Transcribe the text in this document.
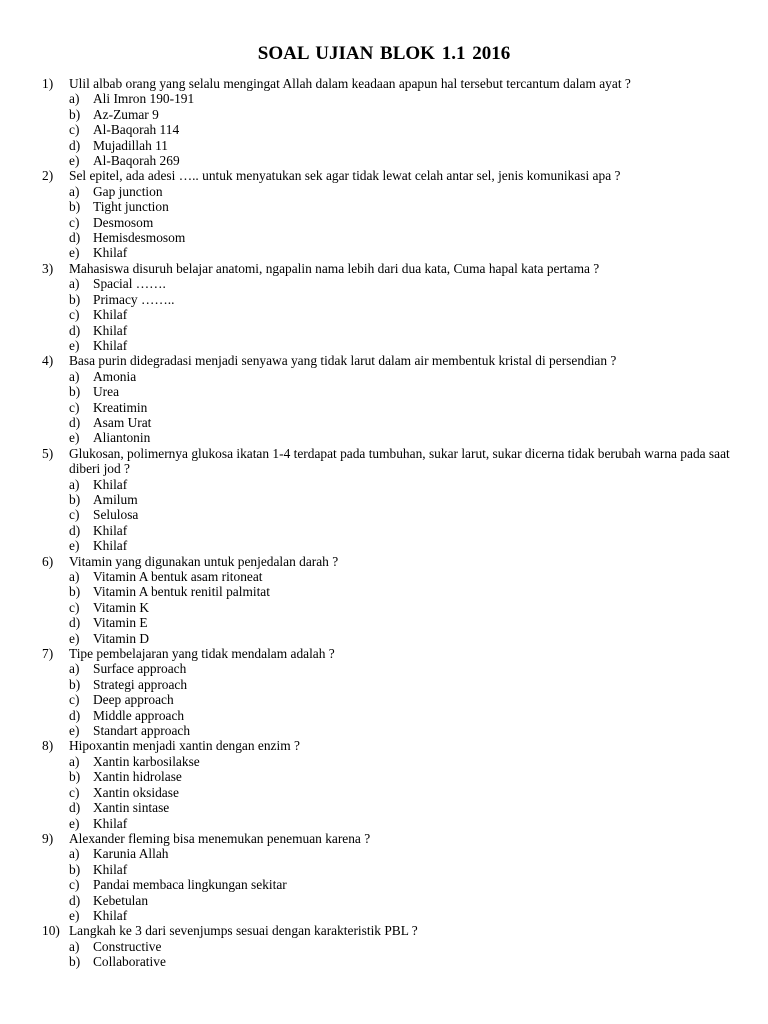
SOAL UJIAN BLOK 1.1 2016
1)	Ulil albab orang yang selalu mengingat Allah dalam keadaan apapun hal tersebut tercantum dalam ayat ?
a)	Ali Imron 190-191
b) Az-Zumar 9
c)	Al-Baqorah 114
d) Mujadillah 11
e)	Al-Baqorah 269
2)	Sel epitel, ada adesi ….. untuk menyatukan sek agar tidak lewat celah antar sel, jenis komunikasi apa ?
a)	Gap junction
b) Tight junction
c)	Desmosom
d) Hemisdesmosom
e)	Khilaf
3)	Mahasiswa disuruh belajar anatomi, ngapalin nama lebih dari dua kata, Cuma hapal kata pertama ?
a)	Spacial …….
b) Primacy ……..
c)	Khilaf
d) Khilaf
e)	Khilaf
4)	Basa purin didegradasi menjadi senyawa yang tidak larut dalam air membentuk kristal di persendian ?
a)	Amonia
b) Urea
c)	Kreatimin
d) Asam Urat
e)	Aliantonin
5)	Glukosan, polimernya glukosa ikatan 1-4 terdapat pada tumbuhan, sukar larut, sukar dicerna tidak berubah warna pada saat diberi jod ?
a)	Khilaf
b) Amilum
c)	Selulosa
d) Khilaf
e)	Khilaf
6)	Vitamin yang digunakan untuk penjedalan darah ?
a)	Vitamin A bentuk asam ritoneat
b) Vitamin A bentuk renitil palmitat
c)	Vitamin K
d) Vitamin E
e)	Vitamin D
7)	Tipe pembelajaran yang tidak mendalam adalah ?
a)	Surface approach
b) Strategi approach
c)	Deep approach
d) Middle approach
e)	Standart approach
8)	Hipoxantin menjadi xantin dengan enzim ?
a)	Xantin karbosilakse
b) Xantin hidrolase
c)	Xantin oksidase
d) Xantin sintase
e)	Khilaf
9)	Alexander fleming bisa menemukan penemuan karena ?
a)	Karunia Allah
b) Khilaf
c)	Pandai membaca lingkungan sekitar
d) Kebetulan
e)	Khilaf
10) Langkah ke 3 dari sevenjumps sesuai dengan karakteristik PBL ?
a)	Constructive
b) Collaborative
